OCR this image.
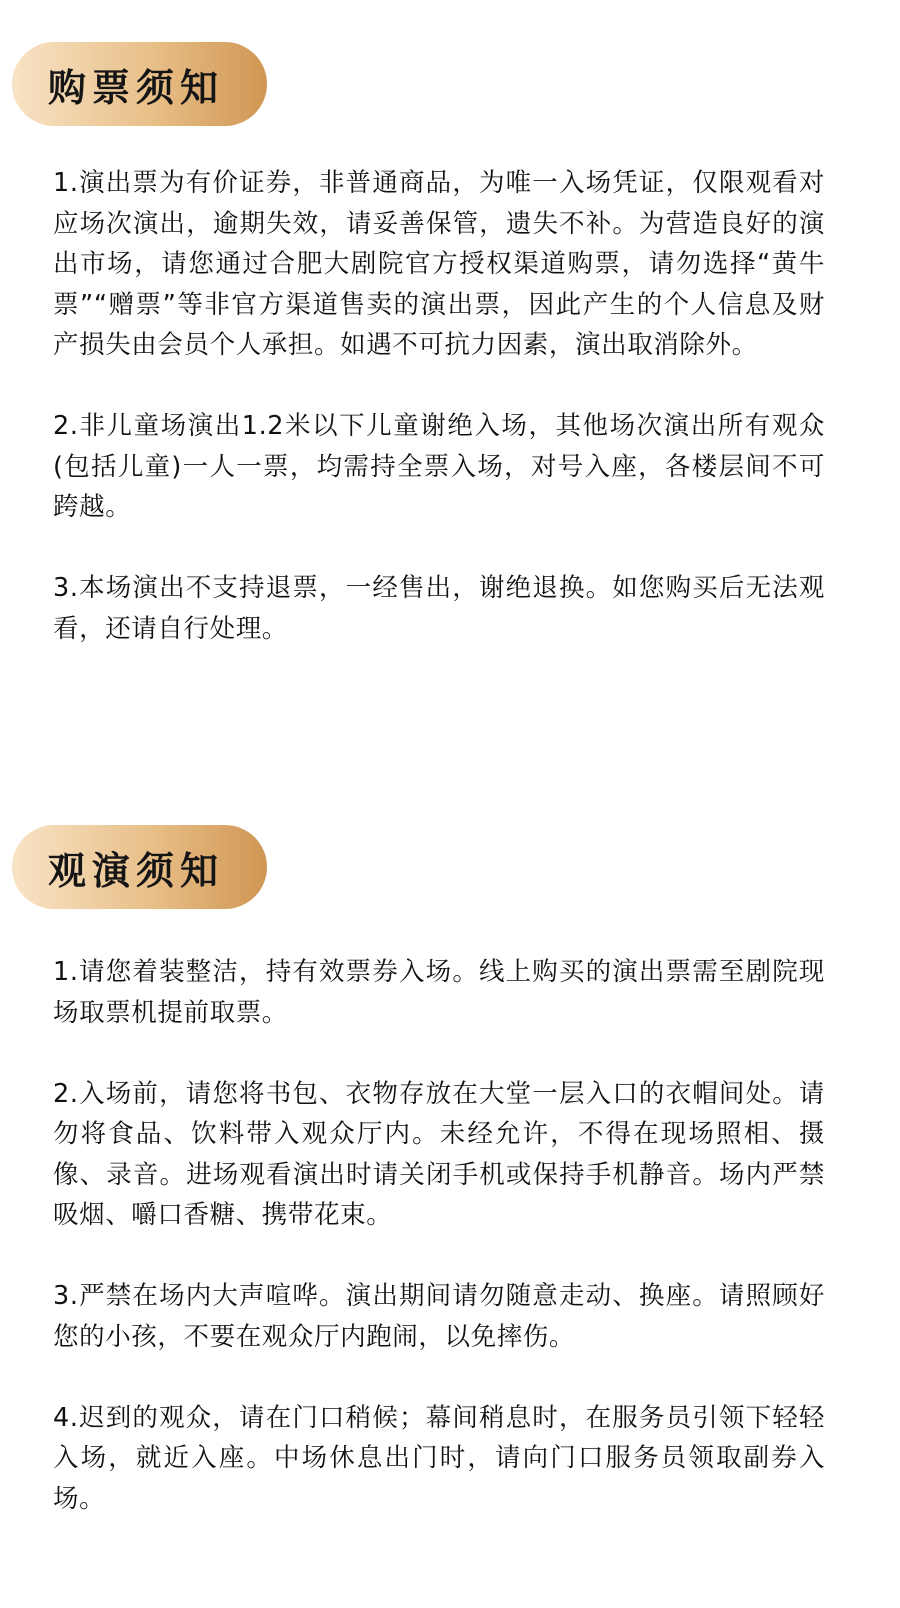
购票须知

1.演出票为有价证券，非普通商品，为唯一入场凭证，仅限观看对应场次演出，逾期失效，请妥善保管，遗失不补。为营造良好的演出市场，请您通过合肥大剧院官方授权渠道购票，请勿选择“黄牛票”“赠票”等非官方渠道售卖的演出票，因此产生的个人信息及财产损失由会员个人承担。如遇不可抗力因素，演出取消除外。

2.非儿童场演出1.2米以下儿童谢绝入场，其他场次演出所有观众(包括儿童)一人一票，均需持全票入场，对号入座，各楼层间不可跨越。

3.本场演出不支持退票，一经售出，谢绝退换。如您购买后无法观看，还请自行处理。

观演须知

1.请您着装整洁，持有效票券入场。线上购买的演出票需至剧院现场取票机提前取票。

2.入场前，请您将书包、衣物存放在大堂一层入口的衣帽间处。请勿将食品、饮料带入观众厅内。未经允许，不得在现场照相、摄像、录音。进场观看演出时请关闭手机或保持手机静音。场内严禁吸烟、嚼口香糖、携带花束。

3.严禁在场内大声喧哗。演出期间请勿随意走动、换座。请照顾好您的小孩，不要在观众厅内跑闹，以免摔伤。

4.迟到的观众，请在门口稍候；幕间稍息时，在服务员引领下轻轻入场，就近入座。中场休息出门时，请向门口服务员领取副券入场。
